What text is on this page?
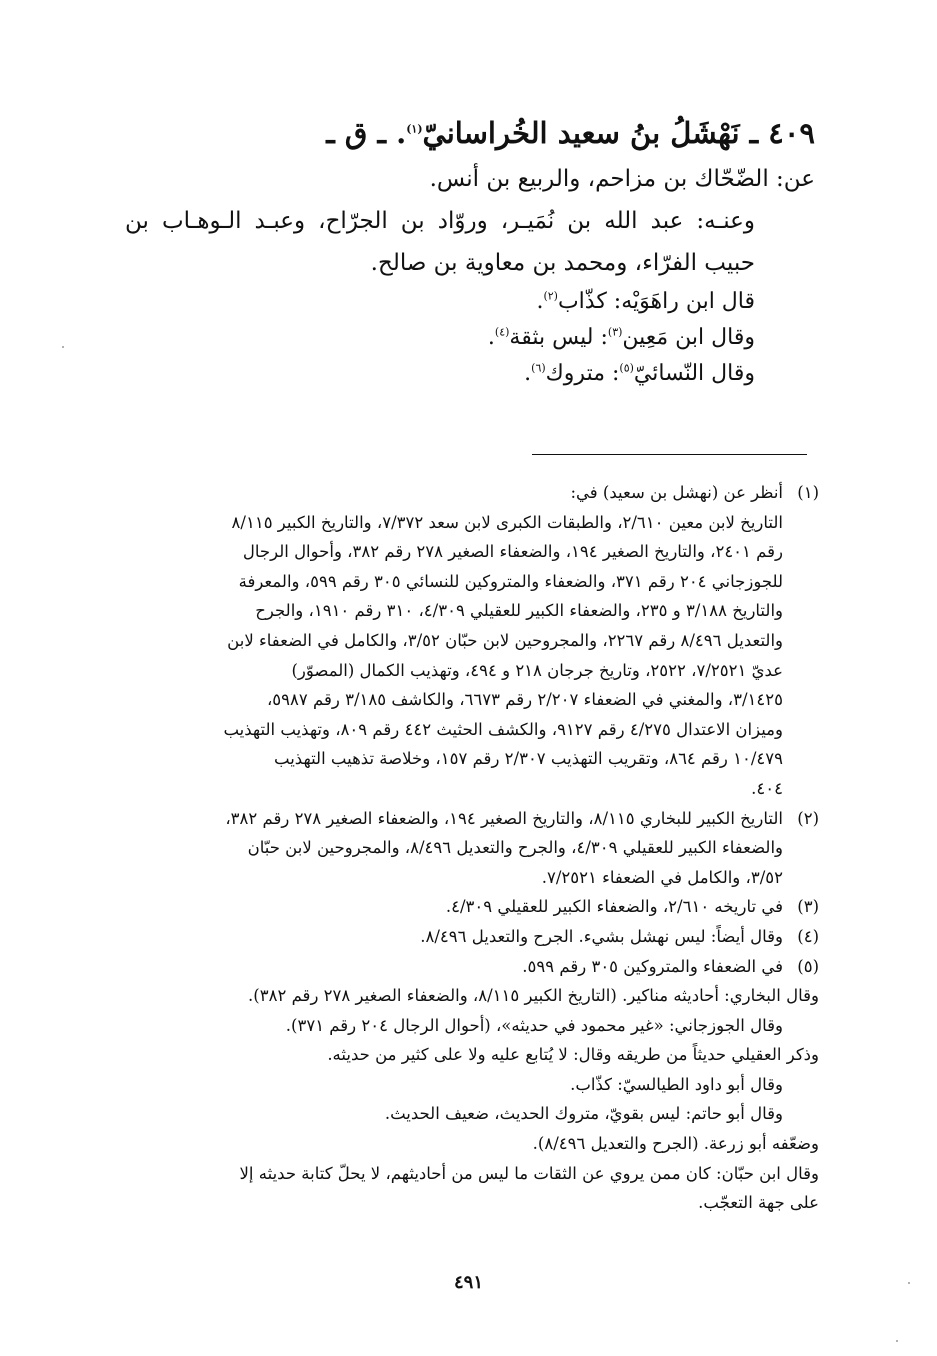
٤٠٩ ـ نَهْشَلُ بنُ سعيد الخُراسانيّ$^{(١)}$. ـ ق ـ

عن: الضّحّاك بن مزاحم، والربيع بن أنس.

وعنـه: عبد الله بن نُمَيـر، وروّاد بن الجرّاح، وعبـد الـوهـاب بن حبيب الفرّاء، ومحمد بن معاوية بن صالح.

قال ابن راهَوَيْه: كذّاب$^{(٢)}$.
وقال ابن مَعِين$^{(٣)}$: ليس بثقة$^{(٤)}$.
وقال النّسائيّ$^{(٥)}$: متروك$^{(٦)}$.
(١)
أنظر عن (نهشل بن سعيد) في:
التاريخ لابن معين ٢/٦١٠، والطبقات الكبرى لابن سعد ٧/٣٧٢، والتاريخ الكبير ٨/١١٥
رقم ٢٤٠١، والتاريخ الصغير ١٩٤، والضعفاء الصغير ٢٧٨ رقم ٣٨٢، وأحوال الرجال
للجوزجاني ٢٠٤ رقم ٣٧١، والضعفاء والمتروكين للنسائي ٣٠٥ رقم ٥٩٩، والمعرفة
والتاريخ ٣/١٨٨ و ٢٣٥، والضعفاء الكبير للعقيلي ٤/٣٠٩، ٣١٠ رقم ١٩١٠، والجرح
والتعديل ٨/٤٩٦ رقم ٢٢٦٧، والمجروحين لابن حبّان ٣/٥٢، والكامل في الضعفاء لابن
عديّ ٧/٢٥٢١، ٢٥٢٢، وتاريخ جرجان ٢١٨ و ٤٩٤، وتهذيب الكمال (المصوّر)
٣/١٤٢٥، والمغني في الضعفاء ٢/٢٠٧ رقم ٦٦٧٣، والكاشف ٣/١٨٥ رقم ٥٩٨٧،
وميزان الاعتدال ٤/٢٧٥ رقم ٩١٢٧، والكشف الحثيث ٤٤٢ رقم ٨٠٩، وتهذيب التهذيب
١٠/٤٧٩ رقم ٨٦٤، وتقريب التهذيب ٢/٣٠٧ رقم ١٥٧، وخلاصة تذهيب التهذيب
٤٠٤.
(٢)
التاريخ الكبير للبخاري ٨/١١٥، والتاريخ الصغير ١٩٤، والضعفاء الصغير ٢٧٨ رقم ٣٨٢،
والضعفاء الكبير للعقيلي ٤/٣٠٩، والجرح والتعديل ٨/٤٩٦، والمجروحين لابن حبّان
٣/٥٢، والكامل في الضعفاء ٧/٢٥٢١.
(٣)
في تاريخه ٢/٦١٠، والضعفاء الكبير للعقيلي ٤/٣٠٩.
(٤)
وقال أيضاً: ليس نهشل بشيء. الجرح والتعديل ٨/٤٩٦.
(٥)
في الضعفاء والمتروكين ٣٠٥ رقم ٥٩٩.
وقال البخاري: أحاديثه مناكير. (التاريخ الكبير ٨/١١٥، والضعفاء الصغير ٢٧٨ رقم ٣٨٢).
وقال الجوزجاني: «غير محمود في حديثه»، (أحوال الرجال ٢٠٤ رقم ٣٧١).
وذكر العقيلي حديثاً من طريقه وقال: لا يُتابع عليه ولا على كثير من حديثه.
وقال أبو داود الطيالسيّ: كذّاب.
وقال أبو حاتم: ليس بقويّ، متروك الحديث، ضعيف الحديث.
وضعّفه أبو زرعة. (الجرح والتعديل ٨/٤٩٦).
وقال ابن حبّان: كان ممن يروي عن الثقات ما ليس من أحاديثهم، لا يحلّ كتابة حديثه إلا
على جهة التعجّب.
٤٩١
